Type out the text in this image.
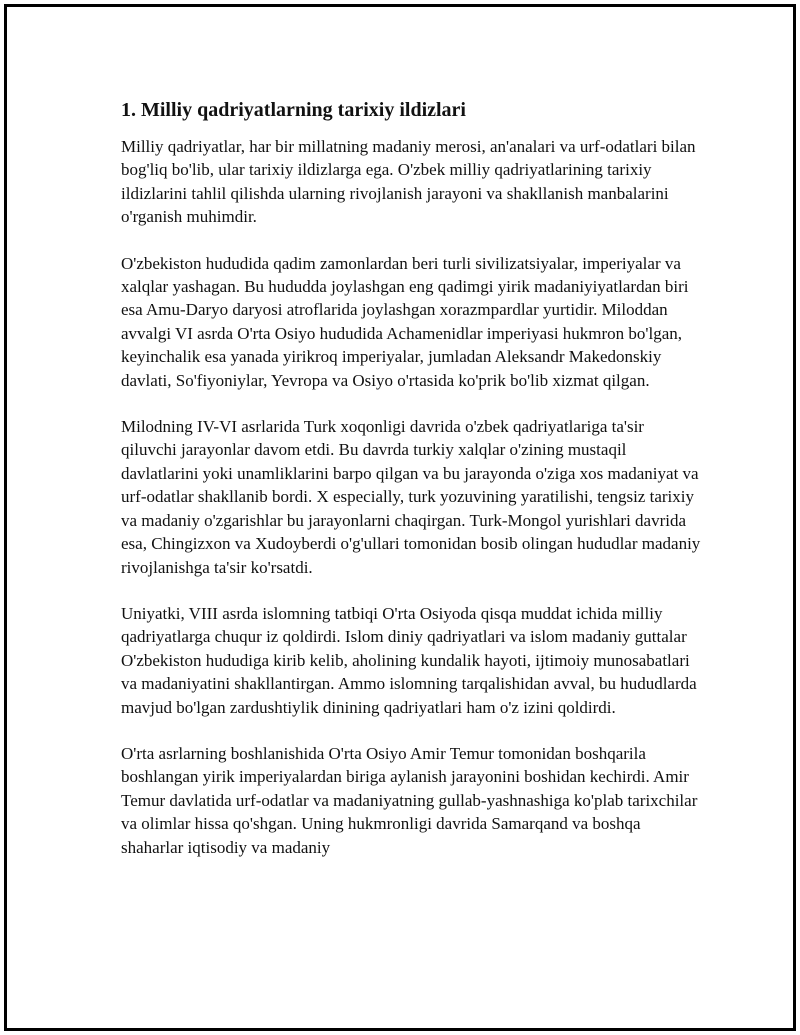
1. Milliy qadriyatlarning tarixiy ildizlari

Milliy qadriyatlar, har bir millatning madaniy merosi, an'analari va urf-odatlari bilan bog'liq bo'lib, ular tarixiy ildizlarga ega. O'zbek milliy qadriyatlarining tarixiy ildizlarini tahlil qilishda ularning rivojlanish jarayoni va shakllanish manbalarini o'rganish muhimdir.

O'zbekiston hududida qadim zamonlardan beri turli sivilizatsiyalar, imperiyalar va xalqlar yashagan. Bu hududda joylashgan eng qadimgi yirik madaniyiyatlardan biri esa Amu-Daryo daryosi atroflarida joylashgan xorazmpardlar yurtidir. Miloddan avvalgi VI asrda O'rta Osiyo hududida Achamenidlar imperiyasi hukmron bo'lgan, keyinchalik esa yanada yirikroq imperiyalar, jumladan Aleksandr Makedonskiy davlati, So'fiyoniylar, Yevropa va Osiyo o'rtasida ko'prik bo'lib xizmat qilgan.

Milodning IV-VI asrlarida Turk xoqonligi davrida o'zbek qadriyatlariga ta'sir qiluvchi jarayonlar davom etdi. Bu davrda turkiy xalqlar o'zining mustaqil davlatlarini yoki unamliklarini barpo qilgan va bu jarayonda o'ziga xos madaniyat va urf-odatlar shakllanib bordi. X especially, turk yozuvining yaratilishi, tengsiz tarixiy va madaniy o'zgarishlar bu jarayonlarni chaqirgan. Turk-Mongol yurishlari davrida esa, Chingizxon va Xudoyberdi o'g'ullari tomonidan bosib olingan hududlar madaniy rivojlanishga ta'sir ko'rsatdi.

Uniyatki, VIII asrda islomning tatbiqi O'rta Osiyoda qisqa muddat ichida milliy qadriyatlarga chuqur iz qoldirdi. Islom diniy qadriyatlari va islom madaniy guttalar O'zbekiston hududiga kirib kelib, aholining kundalik hayoti, ijtimoiy munosabatlari va madaniyatini shakllantirgan. Ammo islomning tarqalishidan avval, bu hududlarda mavjud bo'lgan zardushtiylik dinining qadriyatlari ham o'z izini qoldirdi.

O'rta asrlarning boshlanishida O'rta Osiyo Amir Temur tomonidan boshqarila boshlangan yirik imperiyalardan biriga aylanish jarayonini boshidan kechirdi. Amir Temur davlatida urf-odatlar va madaniyatning gullab-yashnashiga ko'plab tarixchilar va olimlar hissa qo'shgan. Uning hukmronligi davrida Samarqand va boshqa shaharlar iqtisodiy va madaniy
